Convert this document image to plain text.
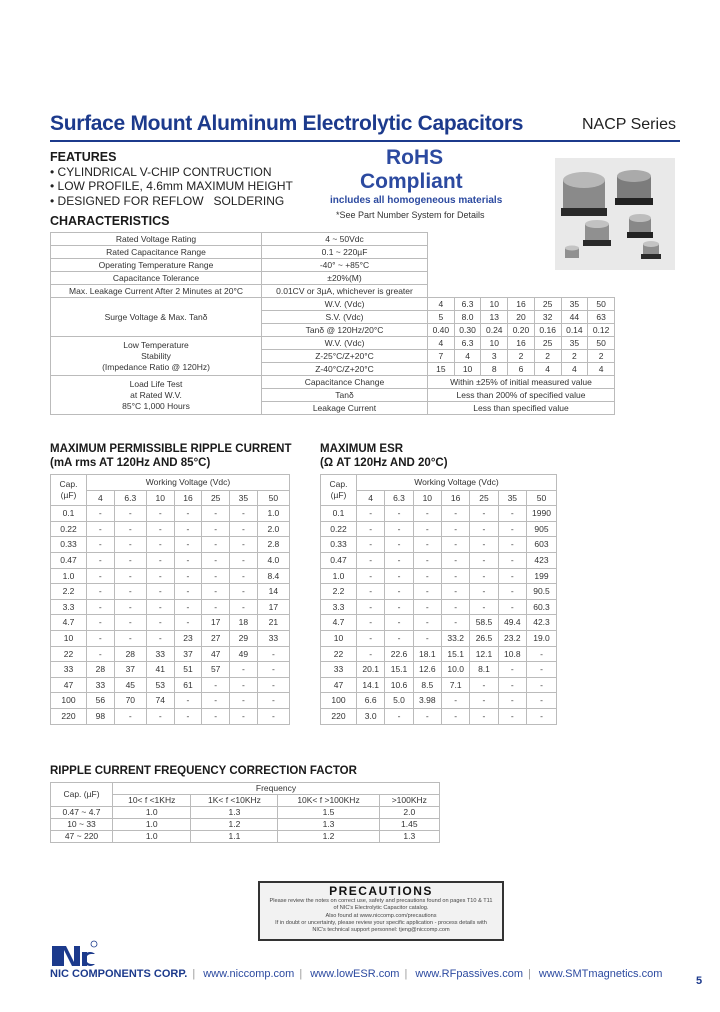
Surface Mount Aluminum Electrolytic Capacitors	NACP Series
FEATURES
• CYLINDRICAL V-CHIP CONTRUCTION
• LOW PROFILE, 4.6mm MAXIMUM HEIGHT
• DESIGNED FOR REFLOW   SOLDERING
RoHS
Compliant
includes all homogeneous materials
*See Part Number System for Details
CHARACTERISTICS
Rated Voltage Rating	4 ~ 50Vdc							
Rated Capacitance Range	0.1 ~ 220µF							
Operating Temperature Range	-40° ~ +85°C							
Capacitance Tolerance	±20%(M)							
Max. Leakage Current After 2 Minutes at 20°C	0.01CV or 3µA, whichever is greater							
Surge Voltage & Max. Tanδ	W.V. (Vdc)	4	6.3	10	16	25	35	50
	S.V. (Vdc)	5	8.0	13	20	32	44	63
	Tanδ @ 120Hz/20°C	0.40	0.30	0.24	0.20	0.16	0.14	0.12

Low Temperature
Stability
(Impedance Ratio @ 120Hz)	W.V. (Vdc)	4	6.3	10	16	25	35	50
	Z-25°C/Z+20°C	7	4	3	2	2	2	2
	Z-40°C/Z+20°C	15	10	8	6	4	4	4

Load Life Test
at Rated W.V.
85°C 1,000 Hours	Capacitance Change	Within ±25% of initial measured value						
	Tanδ	Less than 200% of specified value						
	Leakage Current	Less than specified value						
MAXIMUM PERMISSIBLE RIPPLE CURRENT
(mA rms AT 120Hz AND 85°C)
MAXIMUM ESR
(Ω AT 120Hz AND 20°C)
Cap.
(µF)	Working Voltage (Vdc)						
	4	6.3	10	16	25	35	50
0.1	-	-	-	-	-	-	1.0
0.22	-	-	-	-	-	-	2.0
0.33	-	-	-	-	-	-	2.8
0.47	-	-	-	-	-	-	4.0
1.0	-	-	-	-	-	-	8.4
2.2	-	-	-	-	-	-	14
3.3	-	-	-	-	-	-	17
4.7	-	-	-	-	17	18	21
10	-	-	-	23	27	29	33
22	-	28	33	37	47	49	-
33	28	37	41	51	57	-	-
47	33	45	53	61	-	-	-
100	56	70	74	-	-	-	-
220	98	-	-	-	-	-	-
Cap.
(µF)	Working Voltage (Vdc)						
	4	6.3	10	16	25	35	50
0.1	-	-	-	-	-	-	1990
0.22	-	-	-	-	-	-	905
0.33	-	-	-	-	-	-	603
0.47	-	-	-	-	-	-	423
1.0	-	-	-	-	-	-	199
2.2	-	-	-	-	-	-	90.5
3.3	-	-	-	-	-	-	60.3
4.7	-	-	-	-	58.5	49.4	42.3
10	-	-	-	33.2	26.5	23.2	19.0
22	-	22.6	18.1	15.1	12.1	10.8	-
33	20.1	15.1	12.6	10.0	8.1	-	-
47	14.1	10.6	8.5	7.1	-	-	-
100	6.6	5.0	3.98	-	-	-	-
220	3.0	-	-	-	-	-	-
RIPPLE CURRENT FREQUENCY CORRECTION FACTOR
Cap. (µF)	Frequency			
	10< f <1KHz	1K< f <10KHz	10K< f >100KHz	>100KHz
0.47 ~ 4.7	1.0	1.3	1.5	2.0
10 ~ 33	1.0	1.2	1.3	1.45
47 ~ 220	1.0	1.1	1.2	1.3
PRECAUTIONS
Please review the notes on correct use, safety and precautions found on pages T10 & T11
of NIC's Electrolytic Capacitor catalog.
Also found at www.niccomp.com/precautions
If in doubt or uncertainty, please review your specific application - process details with
NIC's technical support personnel: tjeng@niccomp.com
NIC COMPONENTS CORP. | www.niccomp.com | www.lowESR.com | www.RFpassives.com | www.SMTmagnetics.com
5
